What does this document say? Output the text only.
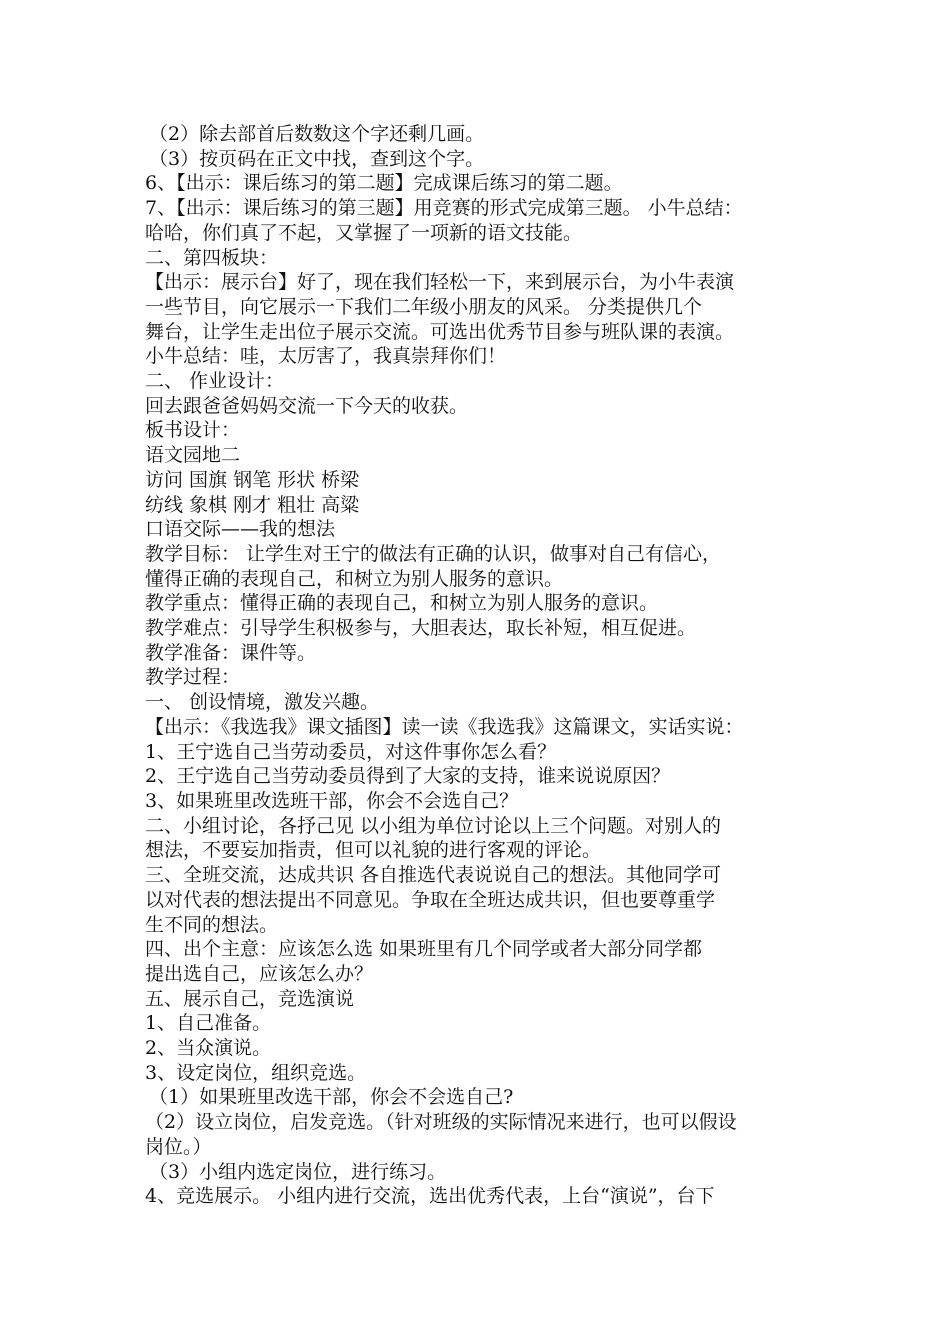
（2）除去部首后数数这个字还剩几画。
（3）按页码在正文中找，查到这个字。
6、【出示：课后练习的第二题】完成课后练习的第二题。
7、【出示：课后练习的第三题】用竞赛的形式完成第三题。 小牛总结：
哈哈，你们真了不起，又掌握了一项新的语文技能。
二、第四板块：
【出示：展示台】好了，现在我们轻松一下，来到展示台，为小牛表演
一些节目，向它展示一下我们二年级小朋友的风采。 分类提供几个
舞台，让学生走出位子展示交流。可选出优秀节目参与班队课的表演。
小牛总结：哇，太厉害了，我真崇拜你们！
二、 作业设计：
回去跟爸爸妈妈交流一下今天的收获。
板书设计：
语文园地二
访问 国旗 钢笔 形状 桥梁
纺线 象棋 刚才 粗壮 高粱
口语交际——我的想法
教学目标： 让学生对王宁的做法有正确的认识，做事对自己有信心，
懂得正确的表现自己，和树立为别人服务的意识。
教学重点：懂得正确的表现自己，和树立为别人服务的意识。
教学难点：引导学生积极参与，大胆表达，取长补短，相互促进。
教学准备：课件等。
教学过程：
一、 创设情境，激发兴趣。
【出示：《我选我》课文插图】读一读《我选我》这篇课文，实话实说：
1、王宁选自己当劳动委员，对这件事你怎么看？
2、王宁选自己当劳动委员得到了大家的支持，谁来说说原因？
3、如果班里改选班干部，你会不会选自己？
二、小组讨论，各抒己见 以小组为单位讨论以上三个问题。对别人的
想法，不要妄加指责，但可以礼貌的进行客观的评论。
三、全班交流，达成共识 各自推选代表说说自己的想法。其他同学可
以对代表的想法提出不同意见。争取在全班达成共识，但也要尊重学
生不同的想法。
四、出个主意：应该怎么选 如果班里有几个同学或者大部分同学都
提出选自己，应该怎么办？
五、展示自己，竞选演说
1、自己准备。
2、当众演说。
3、设定岗位，组织竞选。
（1）如果班里改选干部，你会不会选自己?
（2）设立岗位，启发竞选。（针对班级的实际情况来进行，也可以假设
岗位。）
（3）小组内选定岗位，进行练习。
4、竞选展示。 小组内进行交流，选出优秀代表，上台“演说”，台下
